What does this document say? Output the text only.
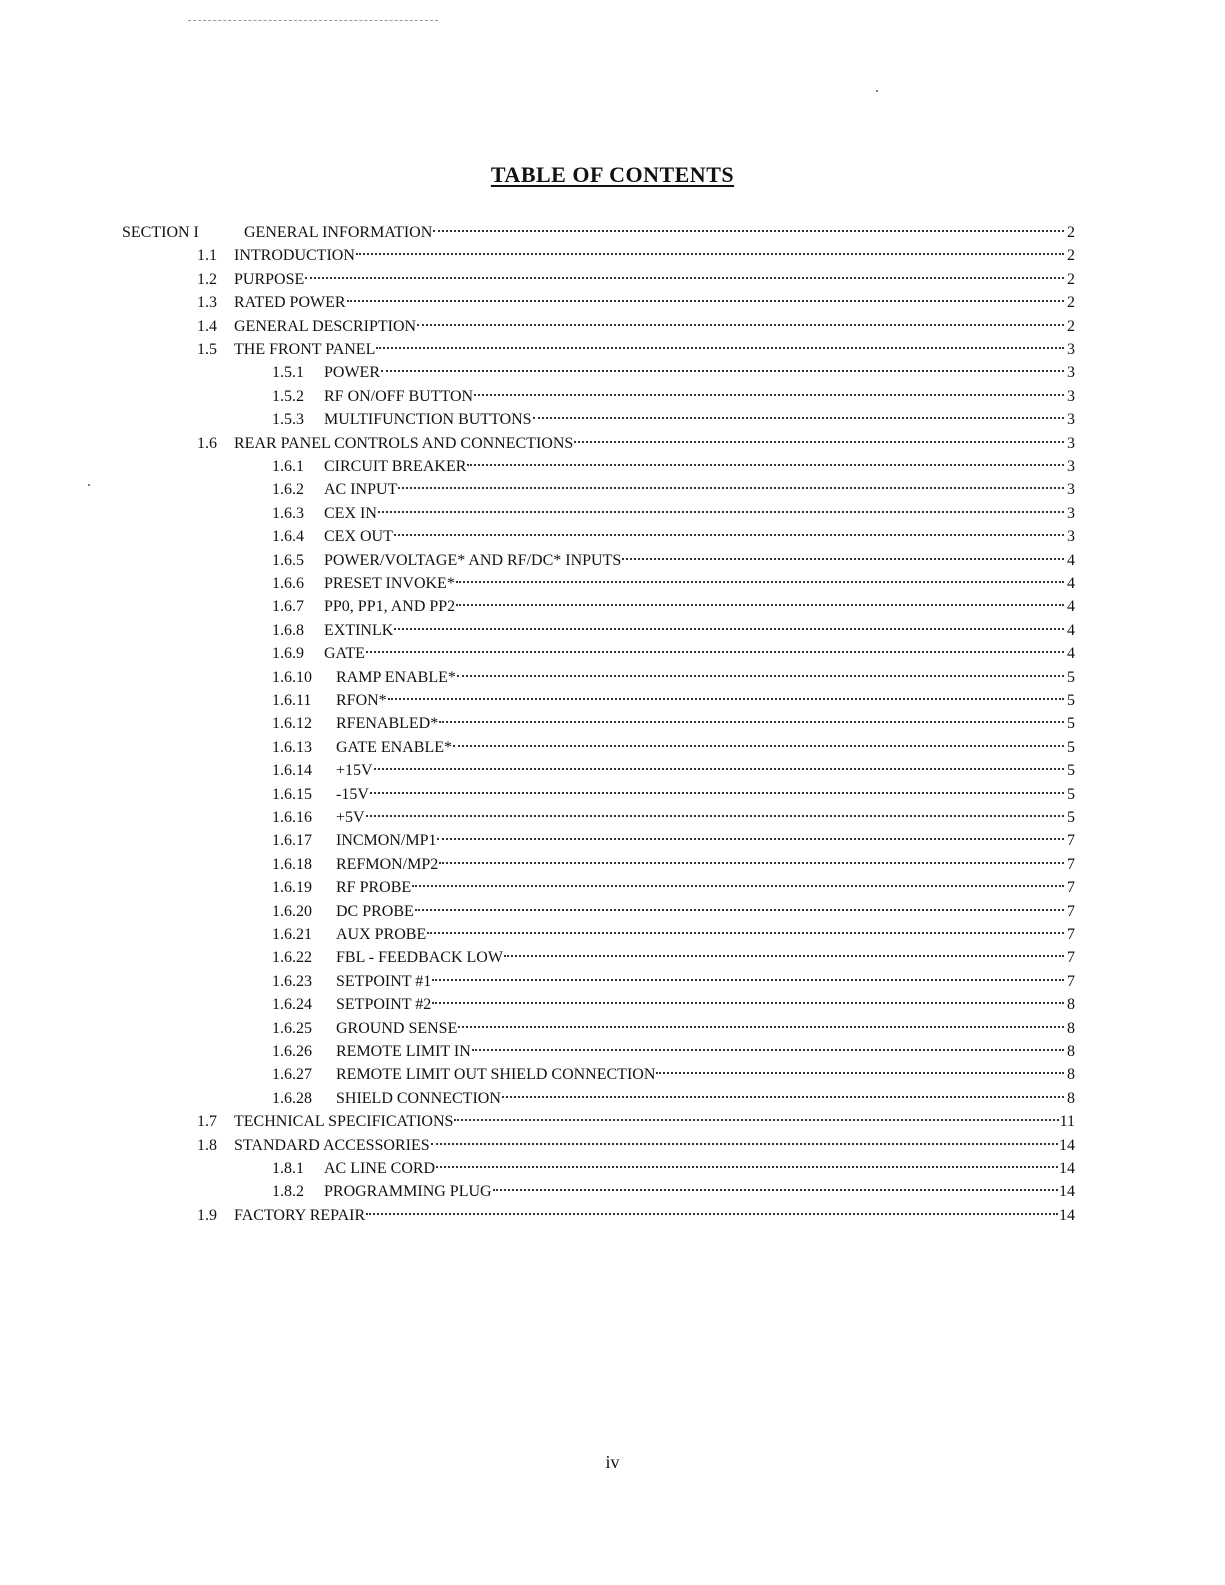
TABLE OF CONTENTS
SECTION I	GENERAL INFORMATION	2
1.1	INTRODUCTION	2
1.2	PURPOSE	2
1.3	RATED POWER	2
1.4	GENERAL DESCRIPTION	2
1.5	THE FRONT PANEL	3
1.5.1	POWER	3
1.5.2	RF ON/OFF BUTTON	3
1.5.3	MULTIFUNCTION BUTTONS	3
1.6	REAR PANEL CONTROLS AND CONNECTIONS	3
1.6.1	CIRCUIT BREAKER	3
1.6.2	AC INPUT	3
1.6.3	CEX IN	3
1.6.4	CEX OUT	3
1.6.5	POWER/VOLTAGE* AND RF/DC* INPUTS	4
1.6.6	PRESET INVOKE*	4
1.6.7	PP0, PP1, AND PP2	4
1.6.8	EXTINLK	4
1.6.9	GATE	4
1.6.10	RAMP ENABLE*	5
1.6.11	RFON*	5
1.6.12	RFENABLED*	5
1.6.13	GATE ENABLE*	5
1.6.14	+15V	5
1.6.15	-15V	5
1.6.16	+5V	5
1.6.17	INCMON/MP1	7
1.6.18	REFMON/MP2	7
1.6.19	RF PROBE	7
1.6.20	DC PROBE	7
1.6.21	AUX PROBE	7
1.6.22	FBL - FEEDBACK LOW	7
1.6.23	SETPOINT #1	7
1.6.24	SETPOINT #2	8
1.6.25	GROUND SENSE	8
1.6.26	REMOTE LIMIT IN	8
1.6.27	REMOTE LIMIT OUT SHIELD CONNECTION	8
1.6.28	SHIELD CONNECTION	8
1.7	TECHNICAL SPECIFICATIONS	11
1.8	STANDARD ACCESSORIES	14
1.8.1	AC LINE CORD	14
1.8.2	PROGRAMMING PLUG	14
1.9	FACTORY REPAIR	14
iv
